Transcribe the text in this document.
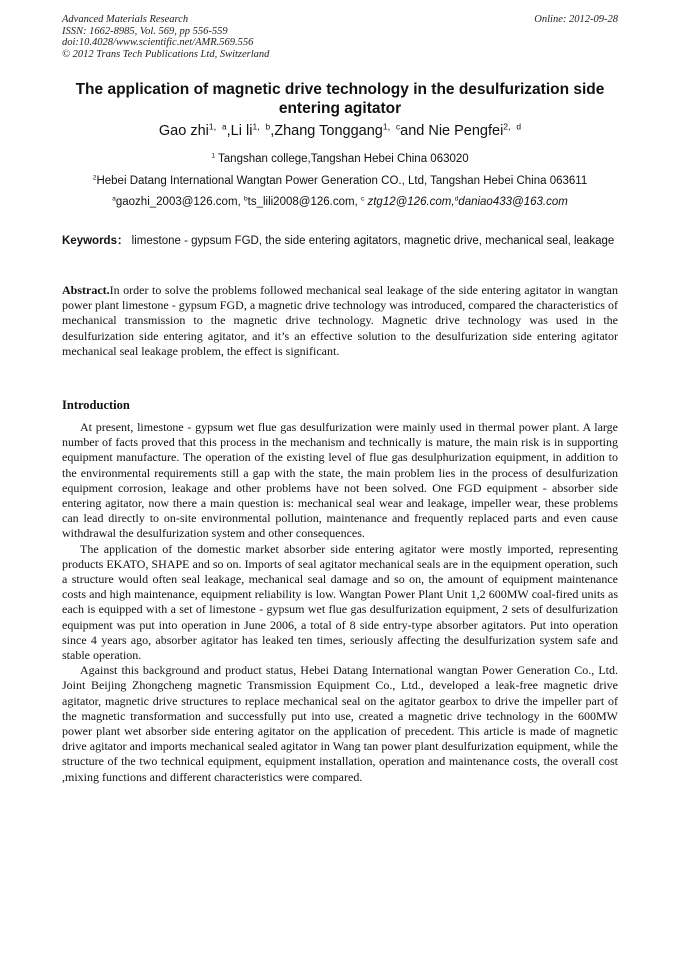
Advanced Materials Research
ISSN: 1662-8985, Vol. 569, pp 556-559
doi:10.4028/www.scientific.net/AMR.569.556
© 2012 Trans Tech Publications Ltd, Switzerland
Online: 2012-09-28
The application of magnetic drive technology in the desulfurization side entering agitator
Gao zhi$^{1,a}$,Li $li^{1,b},Zhang$ Tonggang$^{1,c}$and Nie Pengfei$^{2,d}$
$^1$ Tangshan college,Tangshan Hebei China 063020
$^2$Hebei Datang International Wangtan Power Generation CO., Ltd, Tangshan Hebei China 063611
$^a$gaozhi_2003@126.com, $^b$ts_lili2008@126.com, $^c$ ztg12@126.com,$^d$daniao433@163.com
Keywords： limestone - gypsum FGD, the side entering agitators, magnetic drive, mechanical seal, leakage
Abstract.In order to solve the problems followed mechanical seal leakage of the side entering agitator in wangtan power plant limestone - gypsum FGD, a magnetic drive technology was introduced, compared the characteristics of mechanical transmission to the magnetic drive technology. Magnetic drive technology was used in the desulfurization side entering agitator, and it’s an effective solution to the desulfurization side entering agitator mechanical seal leakage problem, the effect is significant.
Introduction

At present, limestone - gypsum wet flue gas desulfurization were mainly used in thermal power plant. A large number of facts proved that this process in the mechanism and technically is mature, the main risk is in supporting equipment manufacture. The operation of the existing level of flue gas desulphurization equipment, in addition to the environmental requirements still a gap with the state, the main problem lies in the process of desulfurization equipment corrosion, leakage and other problems have not been solved. One FGD equipment - absorber side entering agitator, now there a main question is: mechanical seal wear and leakage, impeller wear, these problems can lead directly to on-site environmental pollution, maintenance and frequently replaced parts and even cause withdrawal the desulfurization system and other consequences.

The application of the domestic market absorber side entering agitator were mostly imported, representing products EKATO, SHAPE and so on. Imports of seal agitator mechanical seals are in the equipment operation, such a structure would often seal leakage, mechanical seal damage and so on, the amount of equipment maintenance costs and high maintenance, equipment reliability is low. Wangtan Power Plant Unit 1,2 600MW coal-fired units as each is equipped with a set of limestone - gypsum wet flue gas desulfurization equipment, 2 sets of desulfurization equipment was put into operation in June 2006, a total of 8 side entry-type absorber agitators. Put into operation since 4 years ago, absorber agitator has leaked ten times, seriously affecting the desulfurization system safe and stable operation.

Against this background and product status, Hebei Datang International wangtan Power Generation Co., Ltd. Joint Beijing Zhongcheng magnetic Transmission Equipment Co., Ltd., developed a leak-free magnetic drive agitator, magnetic drive structures to replace mechanical seal on the agitator gearbox to drive the impeller part of the magnetic transformation and successfully put into use, created a magnetic drive technology in the 600MW power plant wet absorber side entering agitator on the application of precedent. This article is made of magnetic drive agitator and imports mechanical sealed agitator in Wang tan power plant desulfurization equipment, while the structure of the two technical equipment, equipment installation, operation and maintenance costs, the overall cost ,mixing functions and different characteristics were compared.
